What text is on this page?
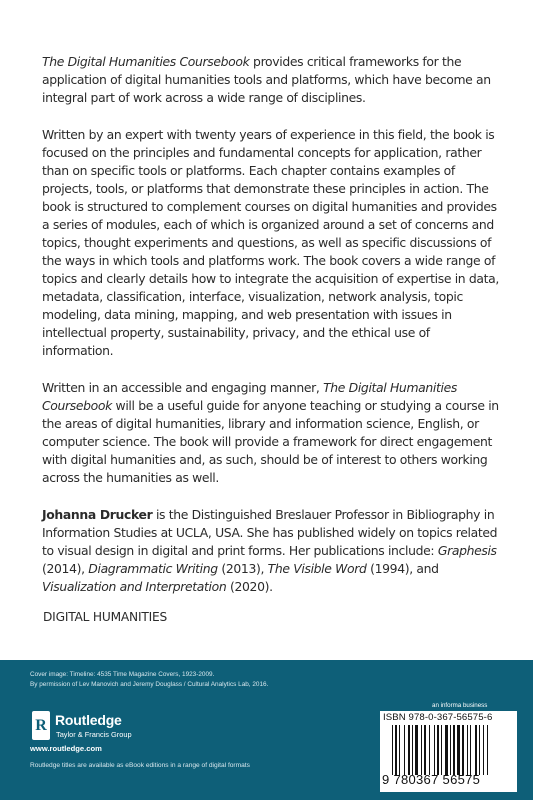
The Digital Humanities Coursebook provides critical frameworks for the application of digital humanities tools and platforms, which have become an integral part of work across a wide range of disciplines.

Written by an expert with twenty years of experience in this field, the book is focused on the principles and fundamental concepts for application, rather than on specific tools or platforms. Each chapter contains examples of projects, tools, or platforms that demonstrate these principles in action. The book is structured to complement courses on digital humanities and provides a series of modules, each of which is organized around a set of concerns and topics, thought experiments and questions, as well as specific discussions of the ways in which tools and platforms work. The book covers a wide range of topics and clearly details how to integrate the acquisition of expertise in data, metadata, classification, interface, visualization, network analysis, topic modeling, data mining, mapping, and web presentation with issues in intellectual property, sustainability, privacy, and the ethical use of information.

Written in an accessible and engaging manner, The Digital Humanities Coursebook will be a useful guide for anyone teaching or studying a course in the areas of digital humanities, library and information science, English, or computer science. The book will provide a framework for direct engagement with digital humanities and, as such, should be of interest to others working across the humanities as well.

Johanna Drucker is the Distinguished Breslauer Professor in Bibliography in Information Studies at UCLA, USA. She has published widely on topics related to visual design in digital and print forms. Her publications include: Graphesis (2014), Diagrammatic Writing (2013), The Visible Word (1994), and Visualization and Interpretation (2020).

DIGITAL HUMANITIES
Cover image: Timeline: 4535 Time Magazine Covers, 1923-2009.
By permission of Lev Manovich and Jeremy Douglass / Cultural Analytics Lab, 2016.
R Routledge
Taylor & Francis Group
www.routledge.com
Routledge titles are available as eBook editions in a range of digital formats
an informa business
ISBN 978-0-367-56575-6
9 780367 56575
